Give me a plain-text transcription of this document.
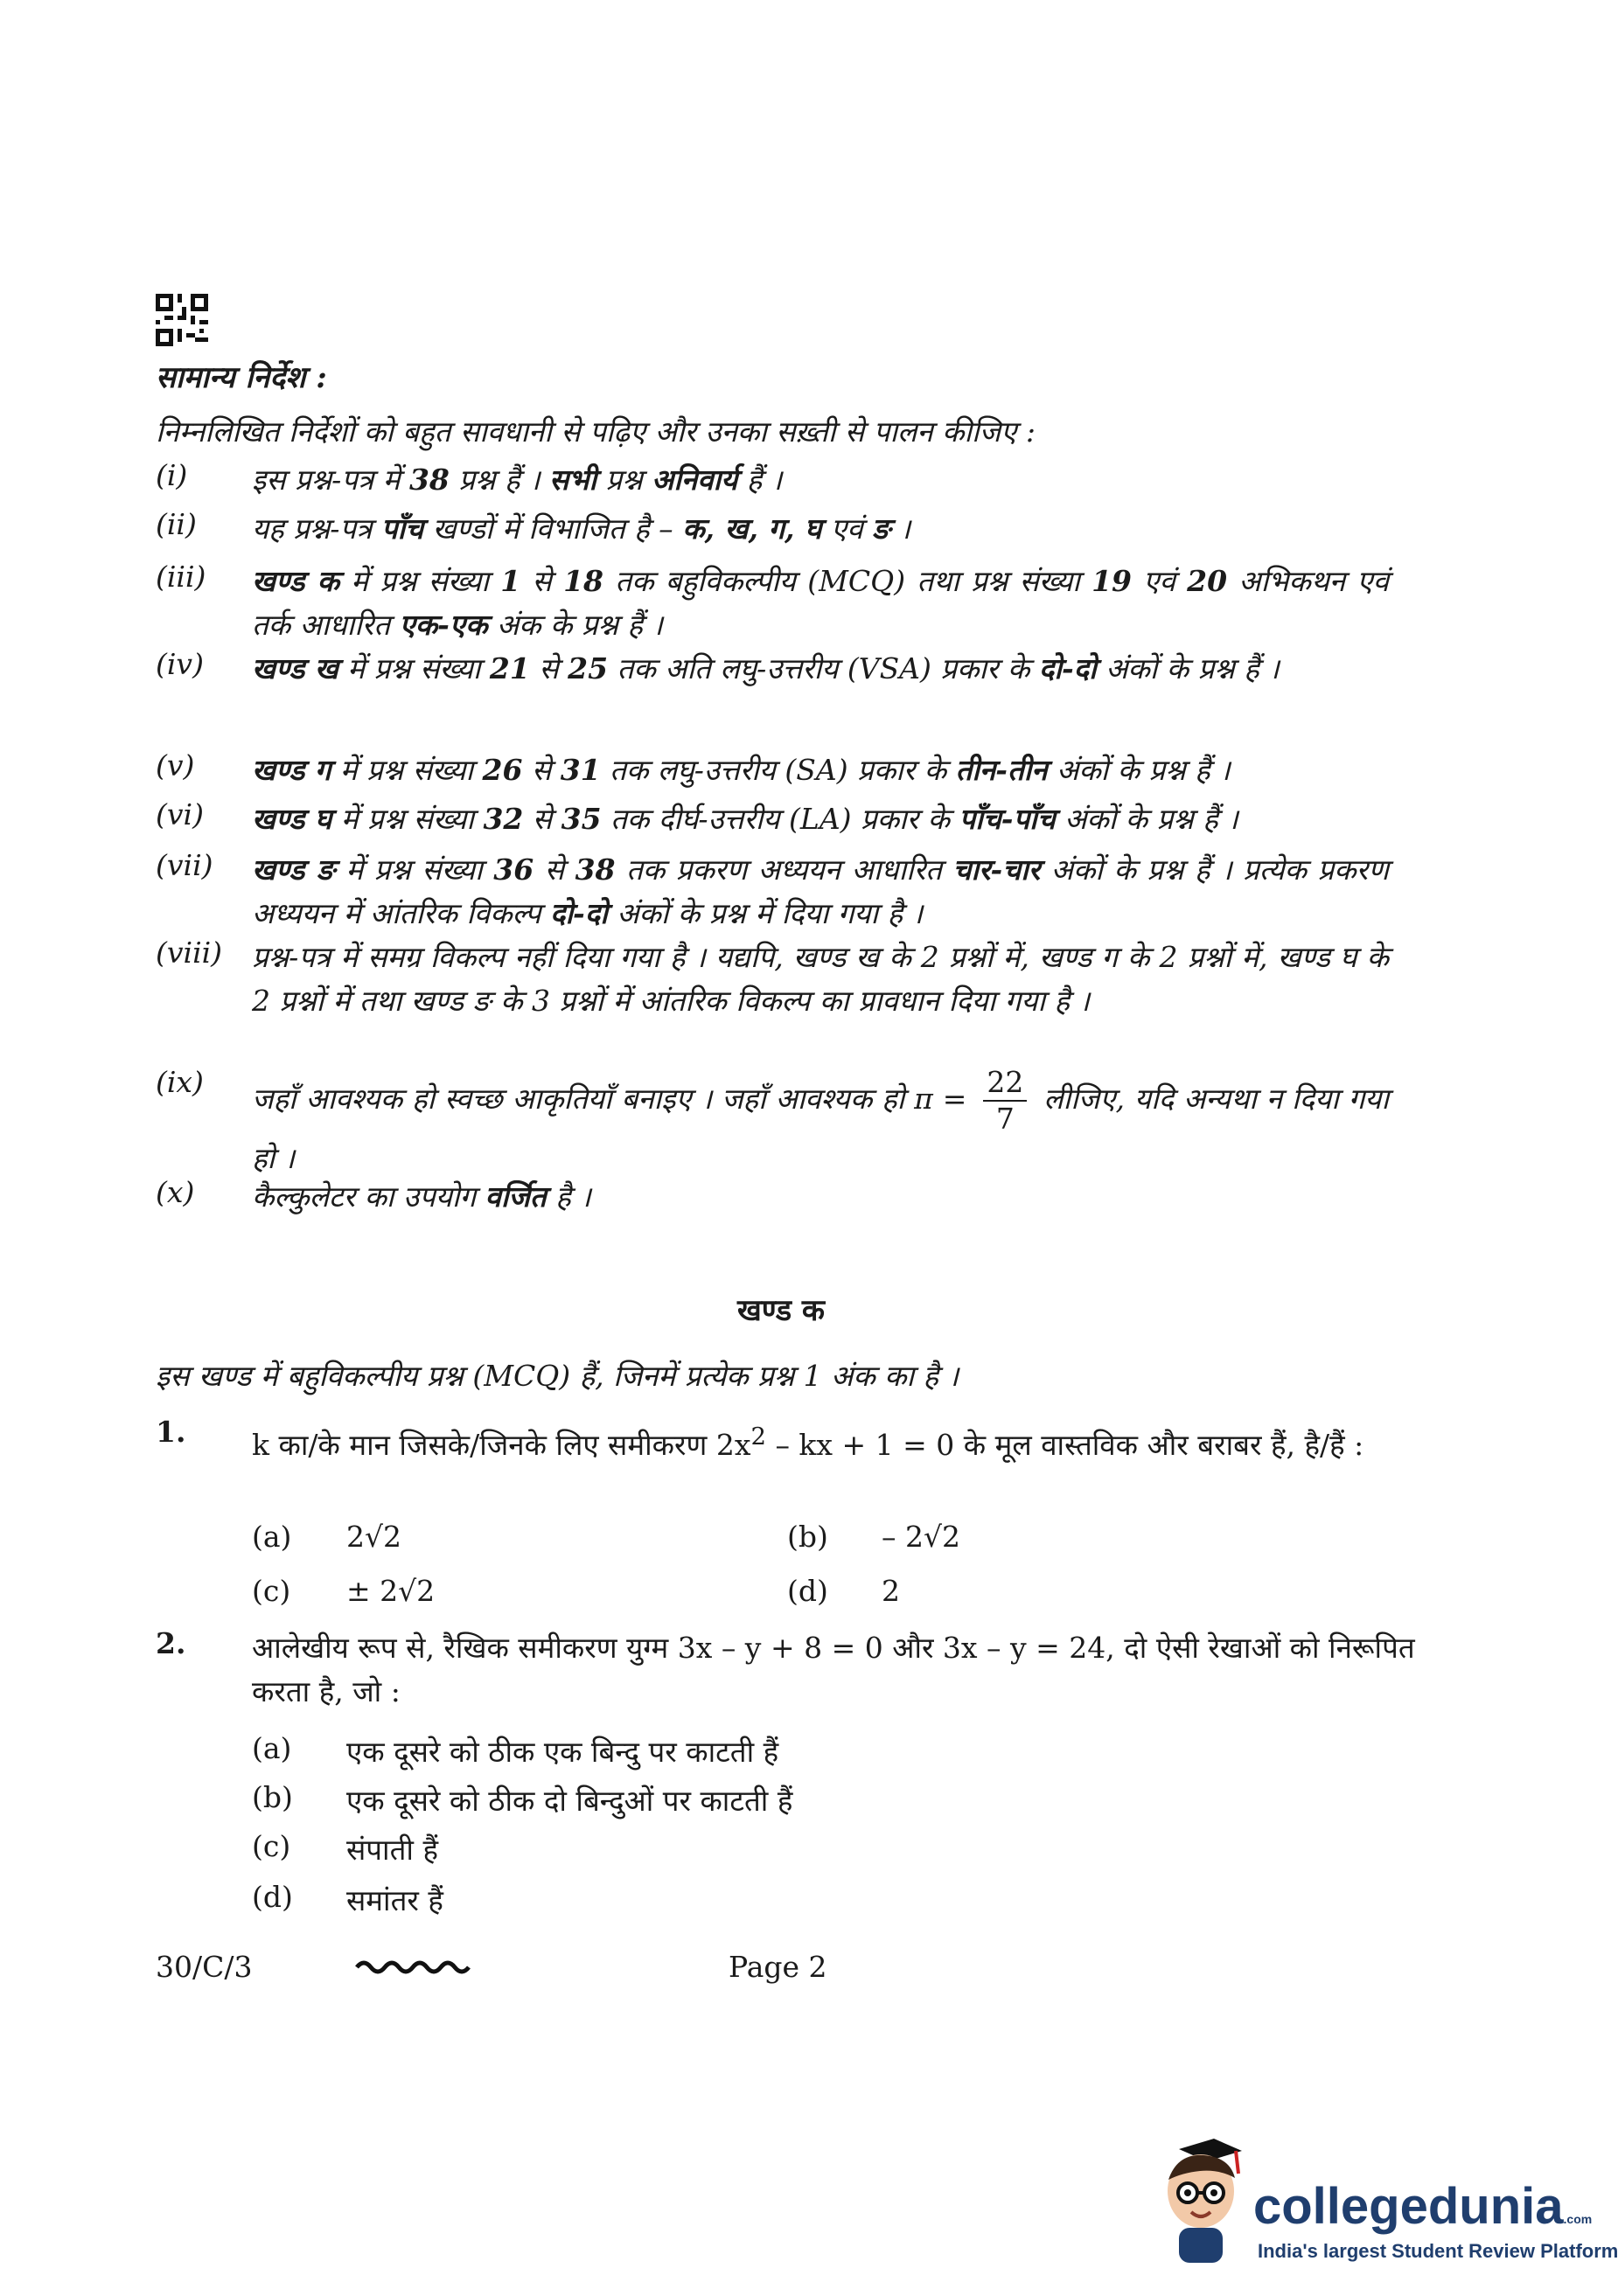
सामान्य निर्देश :
निम्नलिखित निर्देशों को बहुत सावधानी से पढ़िए और उनका सख़्ती से पालन कीजिए :
(i) इस प्रश्न-पत्र में 38 प्रश्न हैं । सभी प्रश्न अनिवार्य हैं ।
(ii) यह प्रश्न-पत्र पाँच खण्डों में विभाजित है – क, ख, ग, घ एवं ङ ।
(iii) खण्ड क में प्रश्न संख्या 1 से 18 तक बहुविकल्पीय (MCQ) तथा प्रश्न संख्या 19 एवं 20 अभिकथन एवं तर्क आधारित एक-एक अंक के प्रश्न हैं ।
(iv) खण्ड ख में प्रश्न संख्या 21 से 25 तक अति लघु-उत्तरीय (VSA) प्रकार के दो-दो अंकों के प्रश्न हैं ।
(v) खण्ड ग में प्रश्न संख्या 26 से 31 तक लघु-उत्तरीय (SA) प्रकार के तीन-तीन अंकों के प्रश्न हैं ।
(vi) खण्ड घ में प्रश्न संख्या 32 से 35 तक दीर्घ-उत्तरीय (LA) प्रकार के पाँच-पाँच अंकों के प्रश्न हैं ।
(vii) खण्ड ङ में प्रश्न संख्या 36 से 38 तक प्रकरण अध्ययन आधारित चार-चार अंकों के प्रश्न हैं । प्रत्येक प्रकरण अध्ययन में आंतरिक विकल्प दो-दो अंकों के प्रश्न में दिया गया है ।
(viii) प्रश्न-पत्र में समग्र विकल्प नहीं दिया गया है । यद्यपि, खण्ड ख के 2 प्रश्नों में, खण्ड ग के 2 प्रश्नों में, खण्ड घ के 2 प्रश्नों में तथा खण्ड ङ के 3 प्रश्नों में आंतरिक विकल्प का प्रावधान दिया गया है ।
(ix) जहाँ आवश्यक हो स्वच्छ आकृतियाँ बनाइए । जहाँ आवश्यक हो $\pi = \frac{22}{7}$ लीजिए, यदि अन्यथा न दिया गया हो ।
(x) कैल्कुलेटर का उपयोग वर्जित है ।
खण्ड क
इस खण्ड में बहुविकल्पीय प्रश्न (MCQ) हैं, जिनमें प्रत्येक प्रश्न 1 अंक का है ।
1. k का/के मान जिसके/जिनके लिए समीकरण $2x^2$ – kx + 1 = 0 के मूल वास्तविक और बराबर हैं, है/हैं :
(a) 2√2	(b) – 2√2
(c) ± 2√2	(d) 2
2. आलेखीय रूप से, रैखिक समीकरण युग्म 3x – y + 8 = 0 और 3x – y = 24, दो ऐसी रेखाओं को निरूपित करता है, जो :
(a) एक दूसरे को ठीक एक बिन्दु पर काटती हैं
(b) एक दूसरे को ठीक दो बिन्दुओं पर काटती हैं
(c) संपाती हैं
(d) समांतर हैं
30/C/3	Page 2
collegedunia.com
India's largest Student Review Platform
